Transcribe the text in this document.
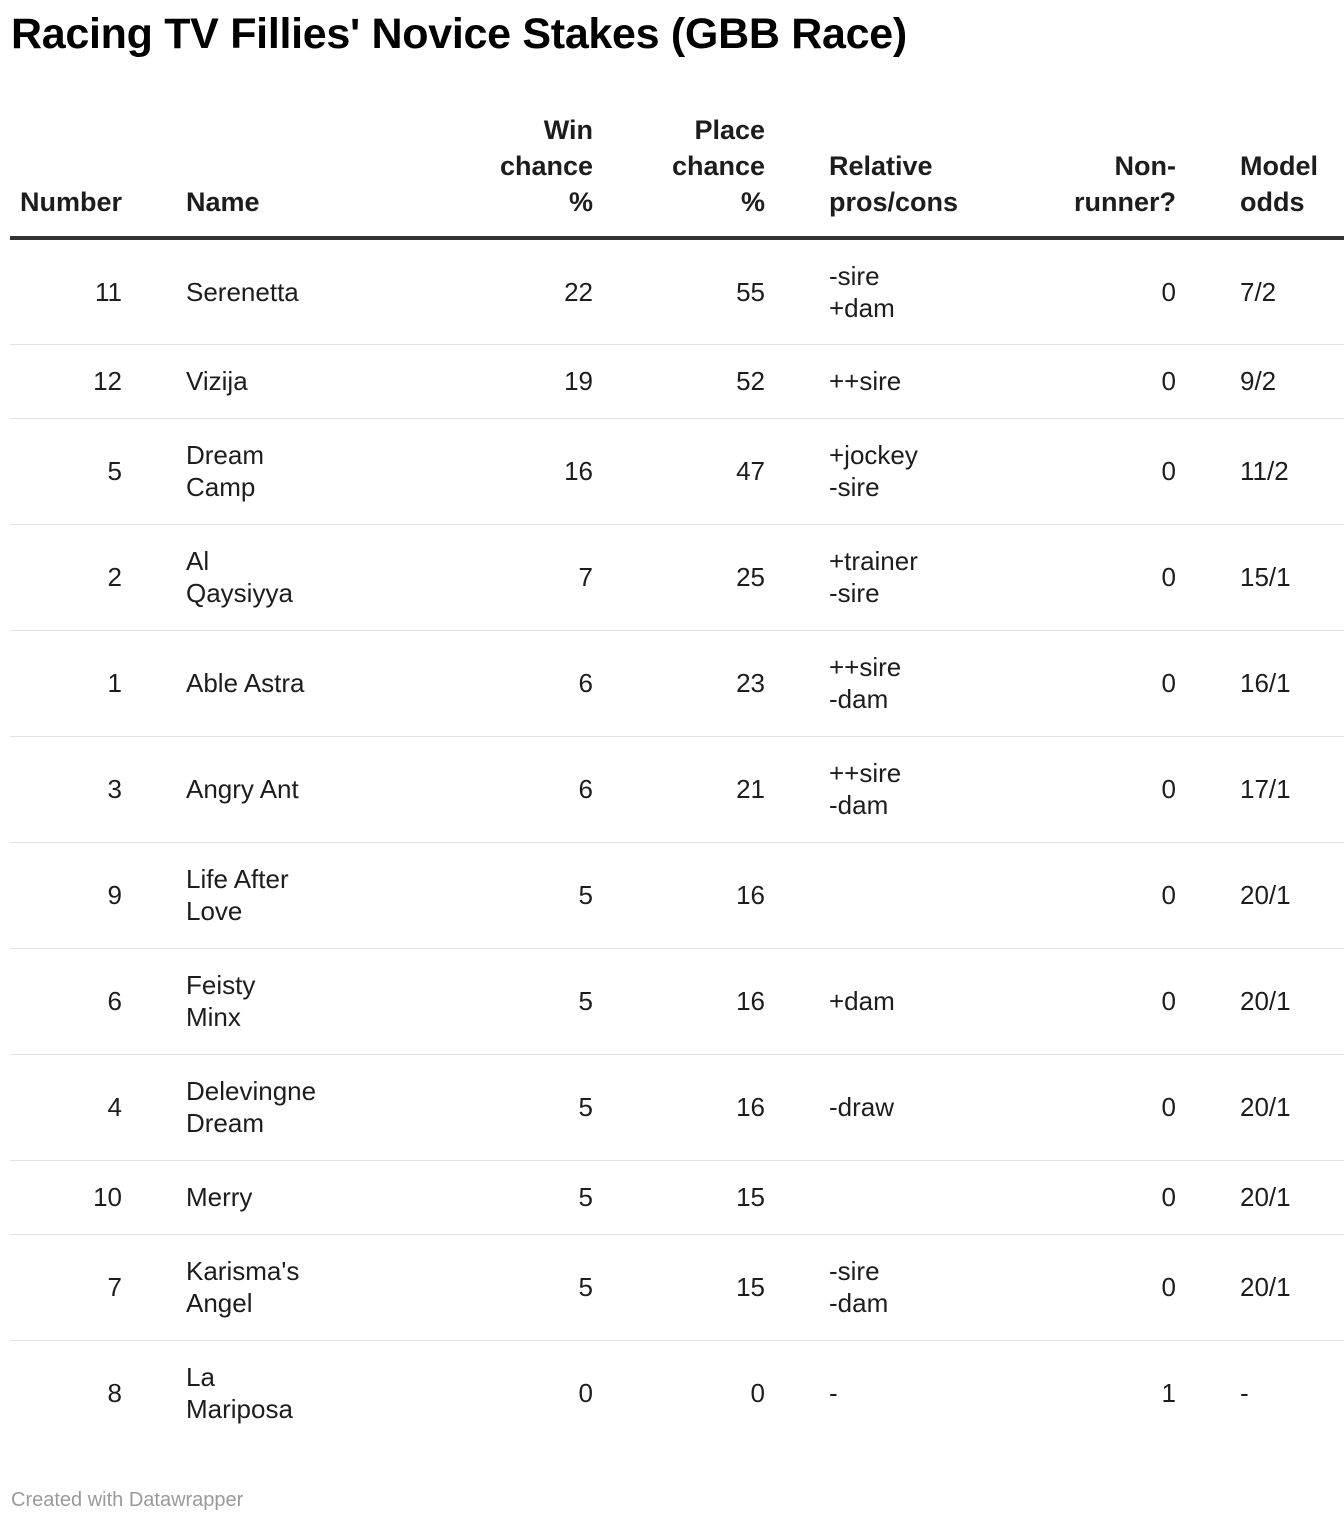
Racing TV Fillies' Novice Stakes (GBB Race)
Number	Name	Win
chance
%	Place
chance
%	Relative
pros/cons	Non-
runner?	Model
odds
11	Serenetta	22	55	-sire
+dam	0	7/2
12	Vizija	19	52	++sire	0	9/2
5	Dream
Camp	16	47	+jockey
-sire	0	11/2
2	Al
Qaysiyya	7	25	+trainer
-sire	0	15/1
1	Able Astra	6	23	++sire
-dam	0	16/1
3	Angry Ant	6	21	++sire
-dam	0	17/1
9	Life After
Love	5	16		0	20/1
6	Feisty
Minx	5	16	+dam	0	20/1
4	Delevingne
Dream	5	16	-draw	0	20/1
10	Merry	5	15		0	20/1
7	Karisma's
Angel	5	15	-sire
-dam	0	20/1
8	La
Mariposa	0	0	-	1	-
Created with Datawrapper
